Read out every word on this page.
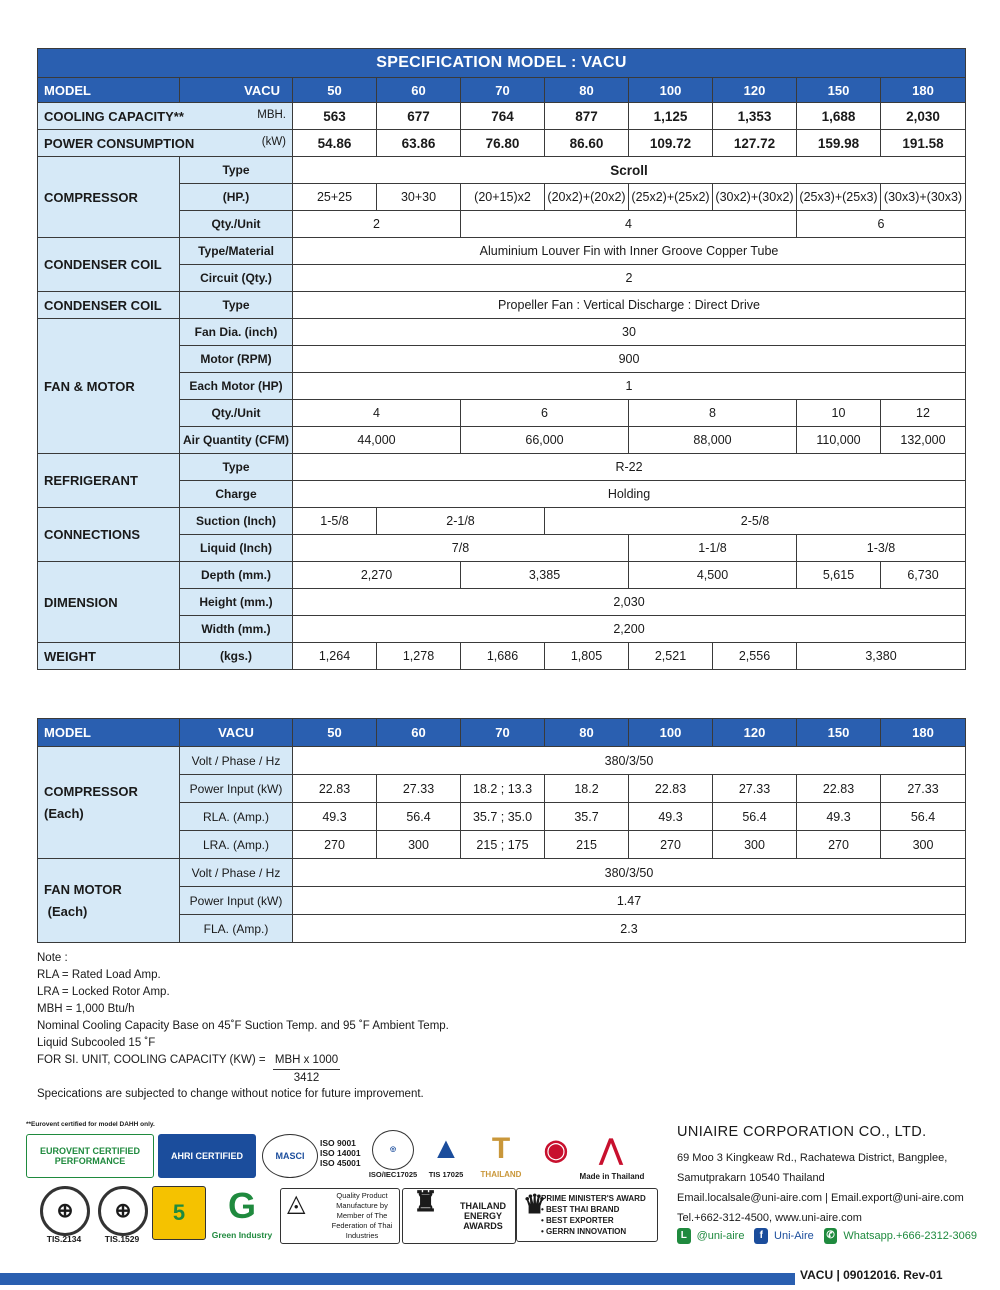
SPECIFICATION MODEL : VACU									
MODEL	VACU	50	60	70	80	100	120	150	180
COOLING CAPACITY** MBH.		563	677	764	877	1,125	1,353	1,688	2,030
POWER CONSUMPTION (kW)		54.86	63.86	76.80	86.60	109.72	127.72	159.98	191.58
COMPRESSOR	Type	Scroll							
	(HP.)	25+25	30+30	(20+15)x2	(20x2)+(20x2)	(25x2)+(25x2)	(30x2)+(30x2)	(25x3)+(25x3)	(30x3)+(30x3)
	Qty./Unit	2		4				6	
CONDENSER COIL	Type/Material	Aluminium Louver Fin with Inner Groove Copper Tube							
	Circuit (Qty.)	2							
CONDENSER COIL	Type	Propeller Fan : Vertical Discharge : Direct Drive							
FAN & MOTOR	Fan Dia. (inch)	30							
	Motor (RPM)	900							
	Each Motor (HP)	1							
	Qty./Unit	4		6		8		10	12
	Air Quantity (CFM)	44,000		66,000		88,000		110,000	132,000
REFRIGERANT	Type	R-22							
	Charge	Holding							
CONNECTIONS	Suction (Inch)	1-5/8	2-1/8		2-5/8				
	Liquid (Inch)	7/8				1-1/8		1-3/8	
DIMENSION	Depth (mm.)	2,270		3,385		4,500		5,615	6,730
	Height (mm.)	2,030							
	Width (mm.)	2,200							
WEIGHT	(kgs.)	1,264	1,278	1,686	1,805	2,521	2,556	3,380	
MODEL	VACU	50	60	70	80	100	120	150	180
COMPRESSOR
(Each)	Volt / Phase / Hz	380/3/50							
	Power Input (kW)	22.83	27.33	18.2 ; 13.3	18.2	22.83	27.33	22.83	27.33
	RLA. (Amp.)	49.3	56.4	35.7 ; 35.0	35.7	49.3	56.4	49.3	56.4
	LRA. (Amp.)	270	300	215 ; 175	215	270	300	270	300
FAN MOTOR
(Each)	Volt / Phase / Hz	380/3/50							
	Power Input (kW)	1.47							
	FLA. (Amp.)	2.3							
Note :
RLA = Rated Load Amp.
LRA = Locked Rotor Amp.
MBH = 1,000 Btu/h
Nominal Cooling Capacity Base on 45˚F Suction Temp. and 95 ˚F Ambient Temp.
Liquid Subcooled 15 ˚F
FOR SI. UNIT, COOLING CAPACITY $(KW) = \frac{\text{MBH x 1000}}{3412}$
Specications are subjected to change without notice for future improvement.
**Eurovent certified for model DAHH only.
EUROVENT CERTIFIED PERFORMANCE	AHRI CERTIFIED	MASCI
ISO 9001
ISO 14001
ISO 45001
◎
ISO/IEC17025
▲
TIS 17025
T
THAILAND
◉	⋀
Made in Thailand
⊕
TIS.2134
⊕
TIS.1529
5	G
Green Industry
◬	Quality Product Manufacture by Member of The Federation of Thai Industries
♜	THAILAND ENERGY AWARDS
♛
PRIME MINISTER'S AWARD
• BEST THAI BRAND
• BEST EXPORTER
• GERRN INNOVATION
UNIAIRE CORPORATION CO., LTD.
69 Moo 3 Kingkeaw Rd., Rachatewa District, Bangplee,
Samutprakarn 10540 Thailand
Email.localsale@uni-aire.com | Email.export@uni-aire.com
Tel.+662-312-4500, www.uni-aire.com
L @uni-aire	f	Uni-Aire ✆ Whatsapp.+666-2312-3069
VACU | 09012016. Rev-01
